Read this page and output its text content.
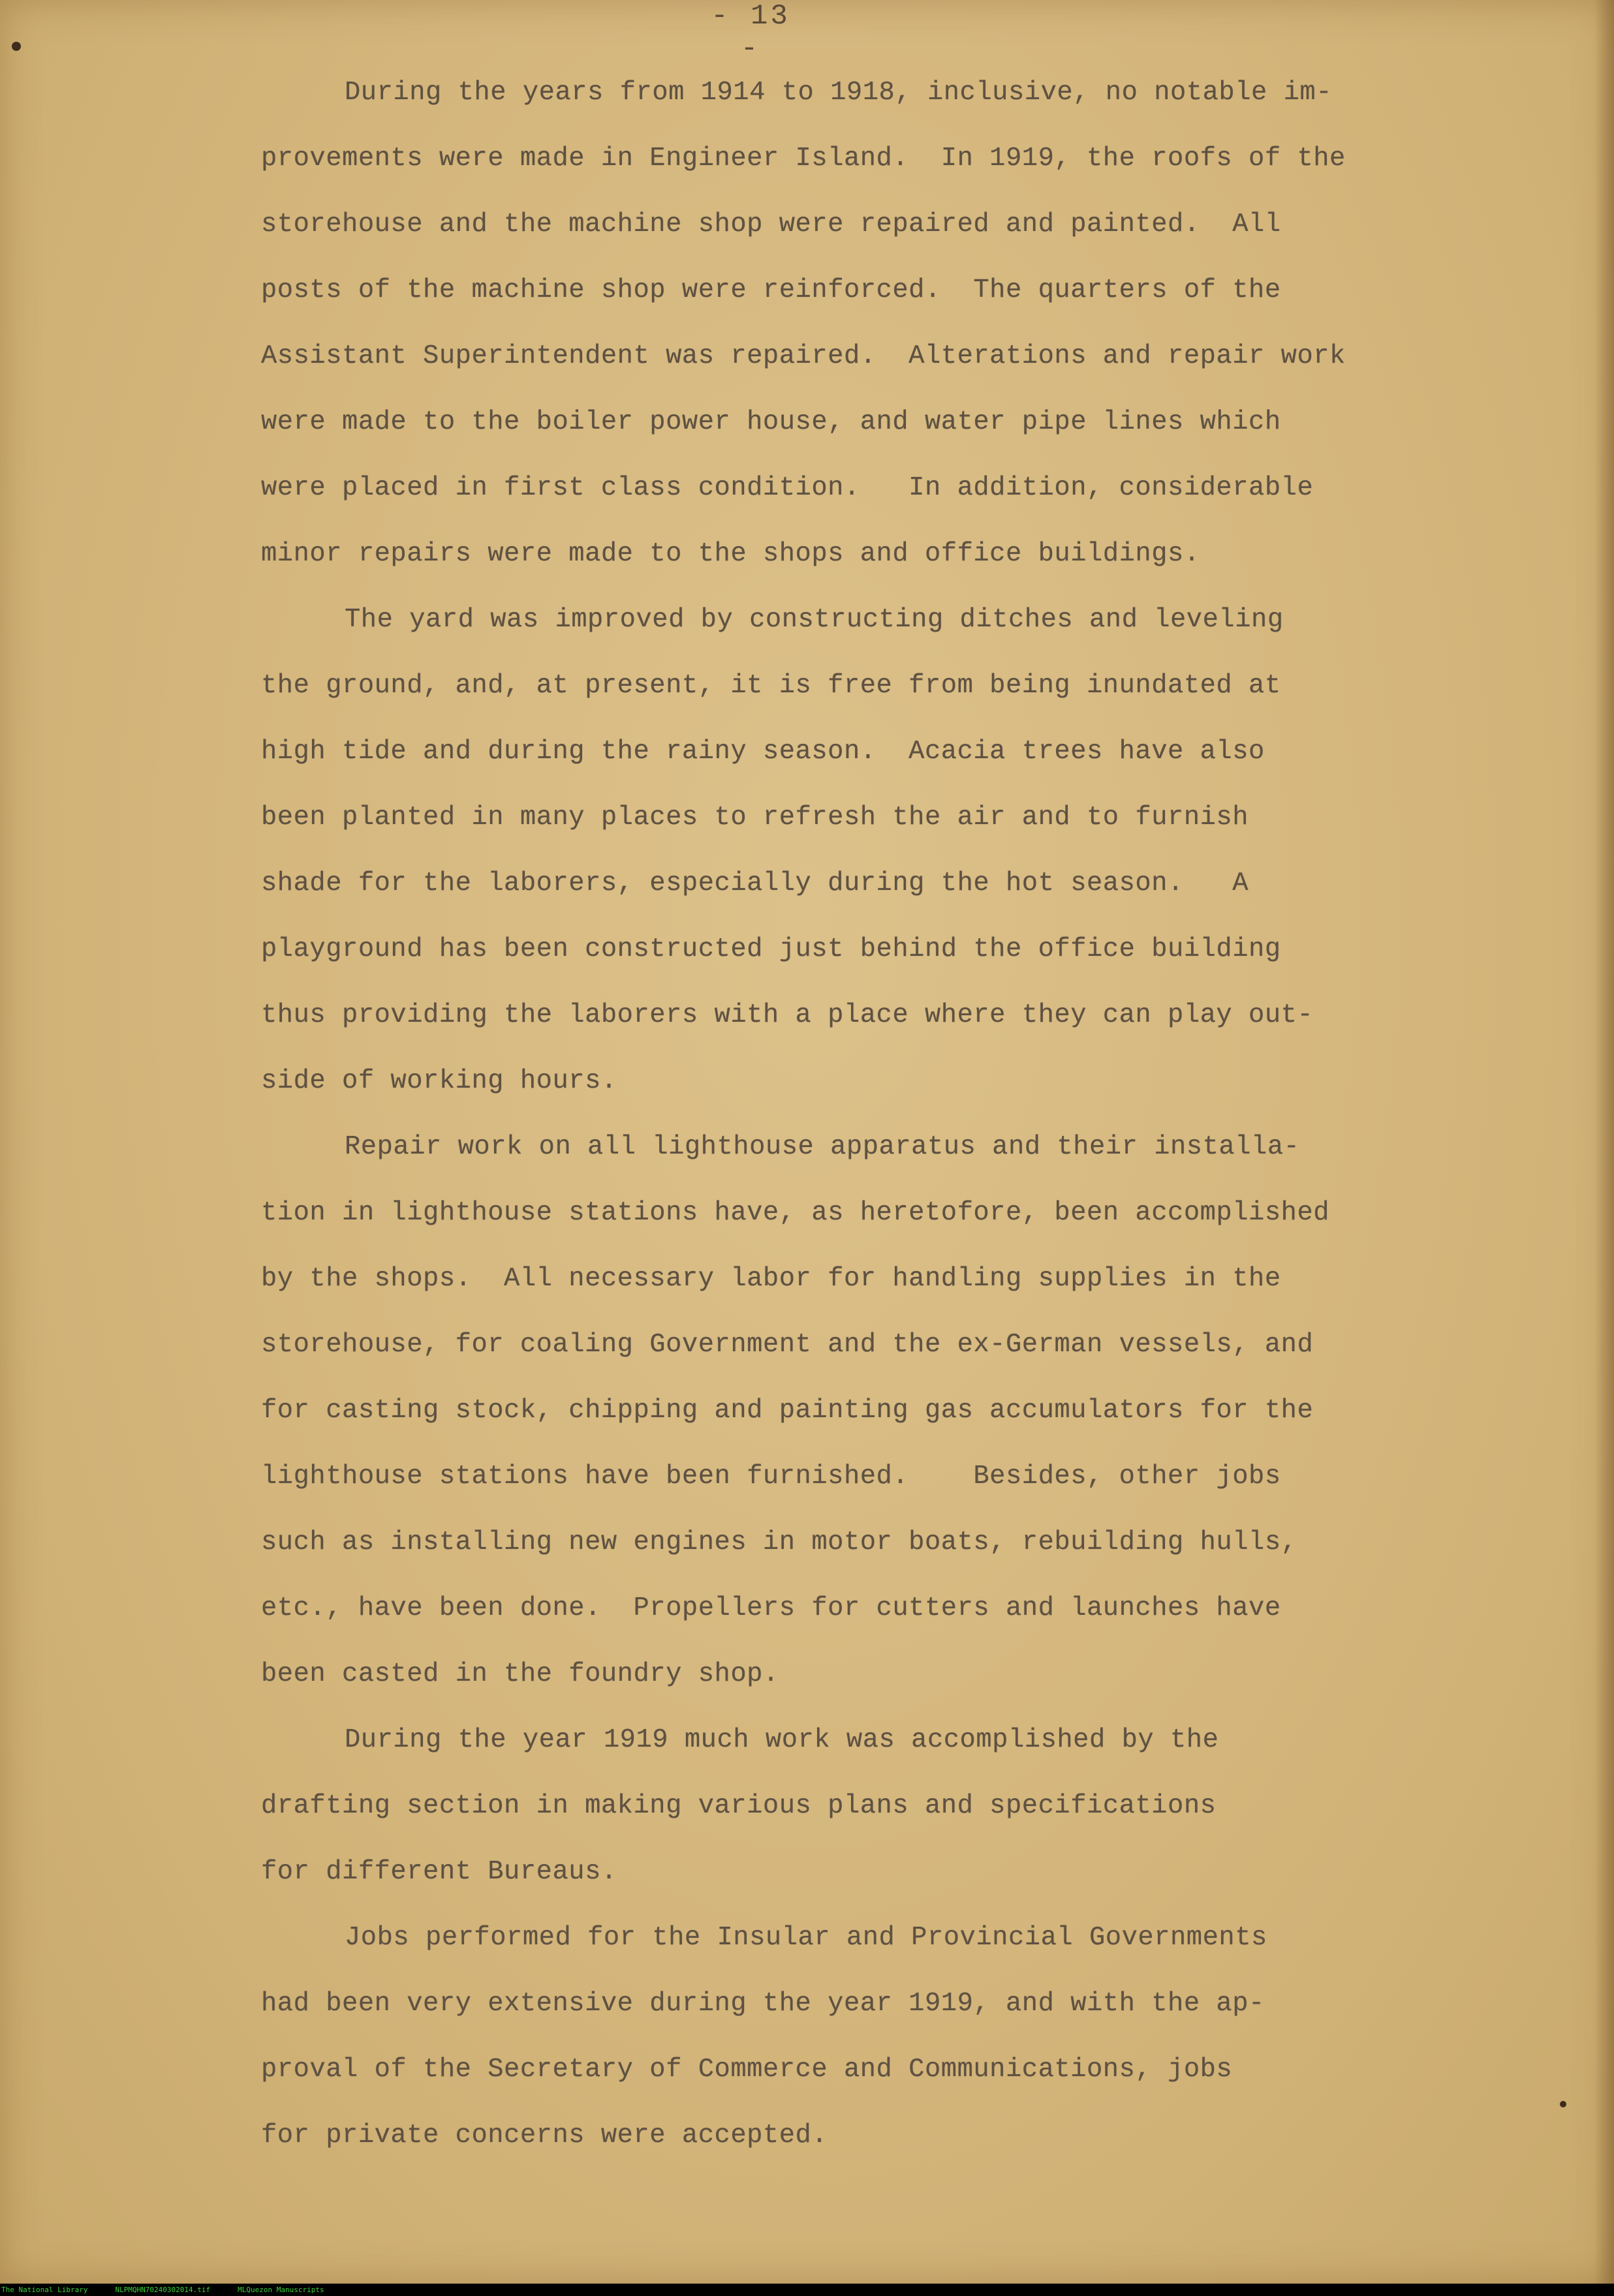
- 13 -
During the years from 1914 to 1918, inclusive, no notable im-
provements were made in Engineer Island.  In 1919, the roofs of the
storehouse and the machine shop were repaired and painted.  All
posts of the machine shop were reinforced.  The quarters of the
Assistant Superintendent was repaired.  Alterations and repair work
were made to the boiler power house, and water pipe lines which
were placed in first class condition.   In addition, considerable
minor repairs were made to the shops and office buildings.
The yard was improved by constructing ditches and leveling
the ground, and, at present, it is free from being inundated at
high tide and during the rainy season.  Acacia trees have also
been planted in many places to refresh the air and to furnish
shade for the laborers, especially during the hot season.   A
playground has been constructed just behind the office building
thus providing the laborers with a place where they can play out-
side of working hours.
Repair work on all lighthouse apparatus and their installa-
tion in lighthouse stations have, as heretofore, been accomplished
by the shops.  All necessary labor for handling supplies in the
storehouse, for coaling Government and the ex-German vessels, and
for casting stock, chipping and painting gas accumulators for the
lighthouse stations have been furnished.    Besides, other jobs
such as installing new engines in motor boats, rebuilding hulls,
etc., have been done.  Propellers for cutters and launches have
been casted in the foundry shop.
During the year 1919 much work was accomplished by the
drafting section in making various plans and specifications
for different Bureaus.
Jobs performed for the Insular and Provincial Governments
had been very extensive during the year 1919, and with the ap-
proval of the Secretary of Commerce and Communications, jobs
for private concerns were accepted.
The National Library	NLPMQHN70240302014.tif	MLQuezon Manuscripts
